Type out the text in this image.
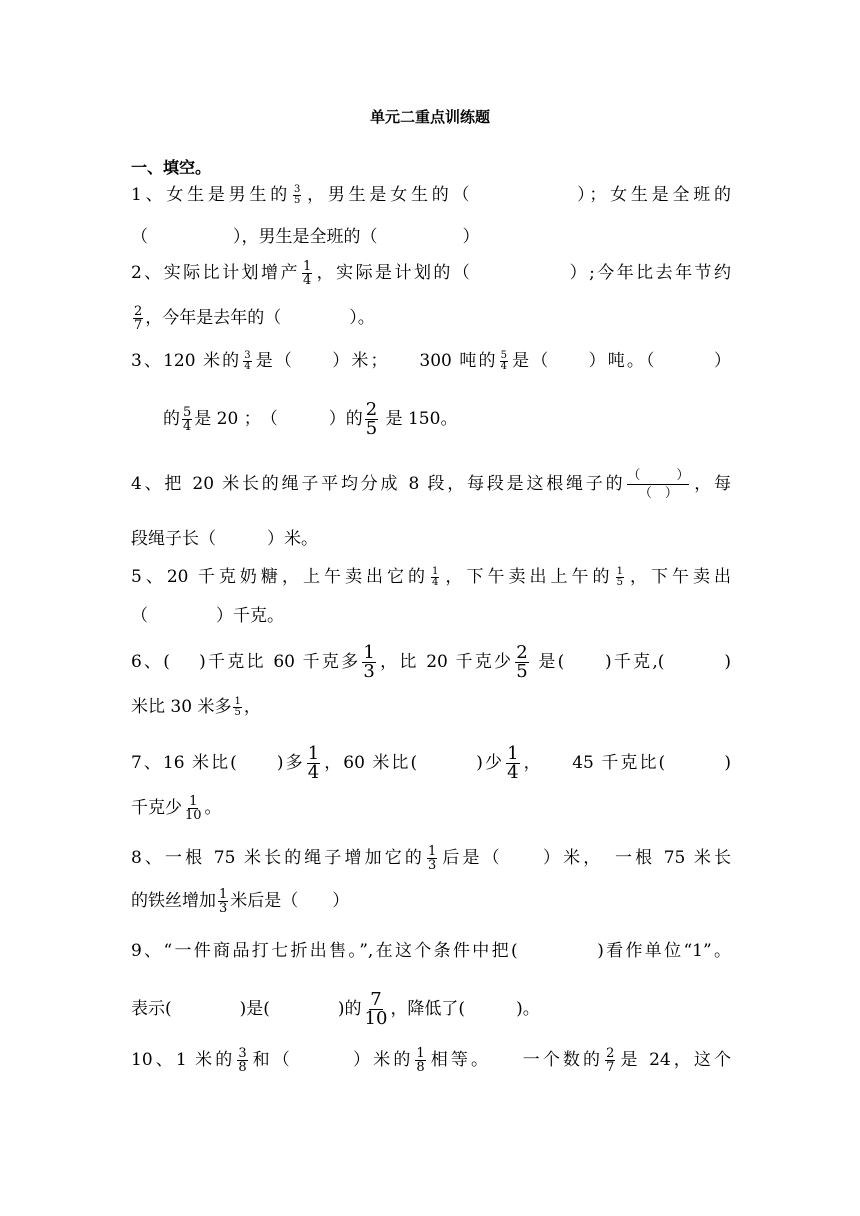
单元二重点训练题
一、填空。
1、女生是男生的 $\frac{3}{5}$ ，男生是女生的（　　　　　）；女生是全班的
（　　　　　），男生是全班的（　　　　　）
2、实际比计划增产 $\frac{1}{4}$ ，实际是计划的（　　　　　）;今年比去年节约
$\frac{2}{7}$ ，今年是去年的（　　　　）。
3、120 米的 $\frac{3}{4}$ 是（　　）米；　　300 吨的 $\frac{5}{4}$ 是（　　）吨。（　　　）
的 $\frac{5}{4}$ 是 20 ；　（　　　）的 $\frac{2}{5}$ 是 150。
4、把 20 米长的绳子平均分成 8 段，每段是这根绳子的 （　）
（　） ，每
段绳子长（　　　）米。
5、20 千克奶糖，上午卖出它的 $\frac{1}{4}$ ，下午卖出上午的 $\frac{1}{5}$ ，下午卖出
（　　　　）千克。
6、(　 )千克比 60 千克多 $\frac{1}{3}$ ，比 20 千克少 $\frac{2}{5}$ 是(　　)千克,(　　　)
米比 30 米多 $\frac{1}{5}$ ，
7、16 米比(　　)多 $\frac{1}{4}$ ，60 米比(　　　)少 $\frac{1}{4}$ ，　　45 千克比(　　　)
千克少 $\frac{1}{10}$ 。
8、一根 75 米长的绳子增加它的 $\frac{1}{3}$ 后是（　　）米，　一根 75 米长
的铁丝增加 $\frac{1}{3}$ 米后是（　　）
9、“一件商品打七折出售。”,在这个条件中把(　　　　)看作单位“1”。
表示(　　　　)是(　　　　)的 $\frac{7}{10}$ ，降低了(　　　)。
10、1 米的 $\frac{3}{8}$ 和（　　　）米的 $\frac{1}{8}$ 相等。　　一个数的 $\frac{2}{7}$ 是 24，这个
